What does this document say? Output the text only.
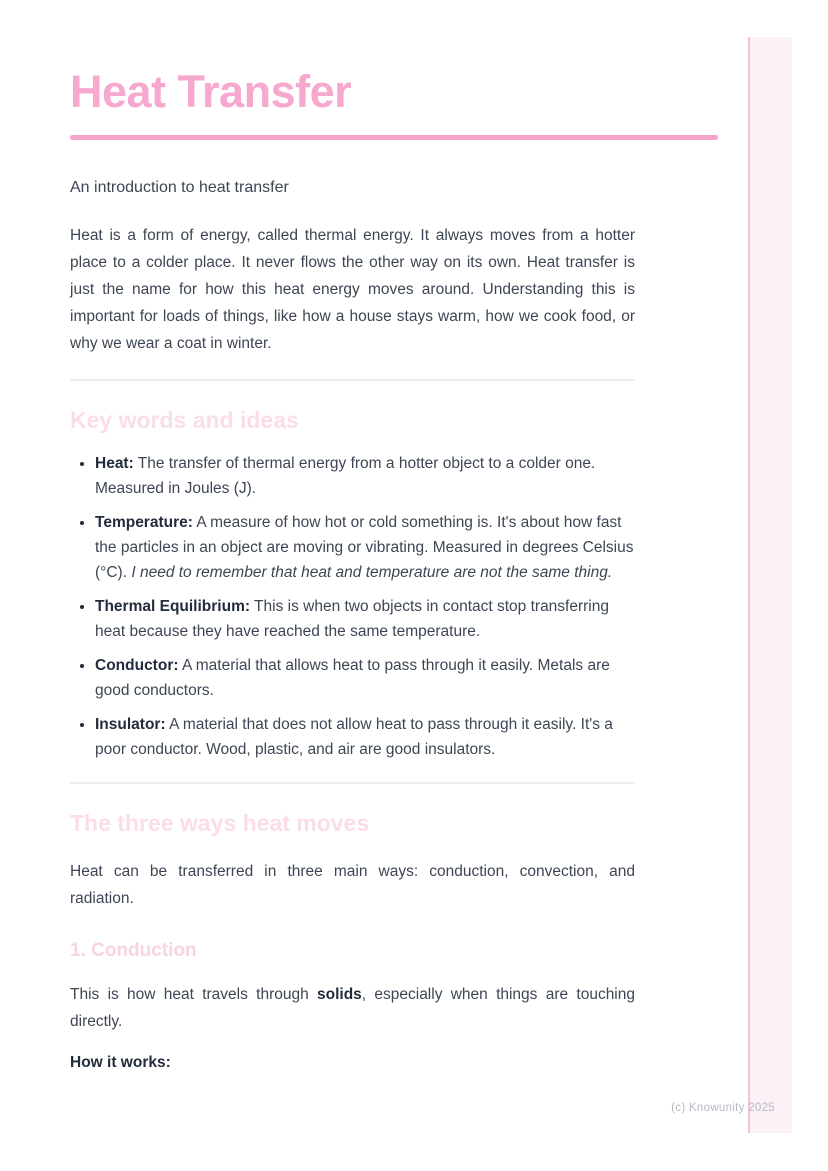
Heat Transfer

An introduction to heat transfer

Heat is a form of energy, called thermal energy. It always moves from a hotter place to a colder place. It never flows the other way on its own. Heat transfer is just the name for how this heat energy moves around. Understanding this is important for loads of things, like how a house stays warm, how we cook food, or why we wear a coat in winter.

Key words and ideas
• Heat: The transfer of thermal energy from a hotter object to a colder one. Measured in Joules (J).
• Temperature: A measure of how hot or cold something is. It's about how fast the particles in an object are moving or vibrating. Measured in degrees Celsius (°C). I need to remember that heat and temperature are not the same thing.
• Thermal Equilibrium: This is when two objects in contact stop transferring heat because they have reached the same temperature.
• Conductor: A material that allows heat to pass through it easily. Metals are good conductors.
• Insulator: A material that does not allow heat to pass through it easily. It's a poor conductor. Wood, plastic, and air are good insulators.
The three ways heat moves

Heat can be transferred in three main ways: conduction, convection, and radiation.

1. Conduction

This is how heat travels through solids, especially when things are touching directly.

How it works:

(c) Knowunity 2025
